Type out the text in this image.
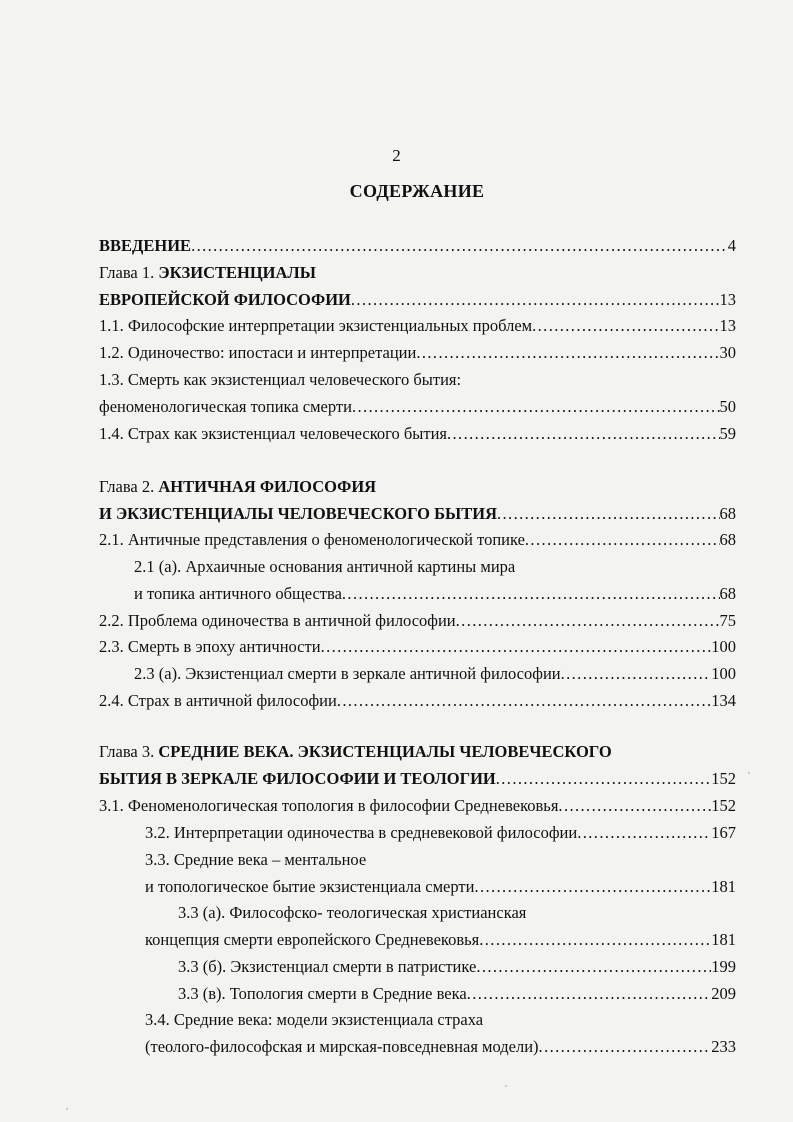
2
СОДЕРЖАНИЕ
ВВЕДЕНИЕ .....	4
Глава 1. ЭКЗИСТЕНЦИАЛЫ
ЕВРОПЕЙСКОЙ ФИЛОСОФИИ .....	13
1.1. Философские интерпретации экзистенциальных проблем .....	13
1.2. Одиночество: ипостаси и интерпретации .....	30
1.3. Смерть как экзистенциал человеческого бытия:
феноменологическая топика смерти .....	50
1.4. Страх как экзистенциал человеческого бытия .....	59
Глава 2. АНТИЧНАЯ ФИЛОСОФИЯ
И ЭКЗИСТЕНЦИАЛЫ ЧЕЛОВЕЧЕСКОГО БЫТИЯ .....	68
2.1. Античные представления о феноменологической топике .....	68
2.1 (а). Архаичные основания античной картины мира
и топика античного общества .....	68
2.2. Проблема одиночества в античной философии .....	75
2.3. Смерть в эпоху античности .....	100
2.3 (а). Экзистенциал смерти в зеркале античной философии .....	100
2.4. Страх в античной философии .....	134
Глава 3. СРЕДНИЕ ВЕКА. ЭКЗИСТЕНЦИАЛЫ ЧЕЛОВЕЧЕСКОГО
БЫТИЯ В ЗЕРКАЛЕ ФИЛОСОФИИ И ТЕОЛОГИИ .....	152
3.1. Феноменологическая топология в философии Средневековья .....	152
3.2. Интерпретации одиночества в средневековой философии .....	167
3.3. Средние века – ментальное
и топологическое бытие экзистенциала смерти .....	181
3.3 (а). Философско- теологическая христианская
концепция смерти европейского Средневековья .....	181
3.3 (б). Экзистенциал смерти в патристике .....	199
3.3 (в). Топология смерти в Средние века .....	209
3.4. Средние века: модели экзистенциала страха
(теолого-философская и мирская-повседневная модели) .....	233
